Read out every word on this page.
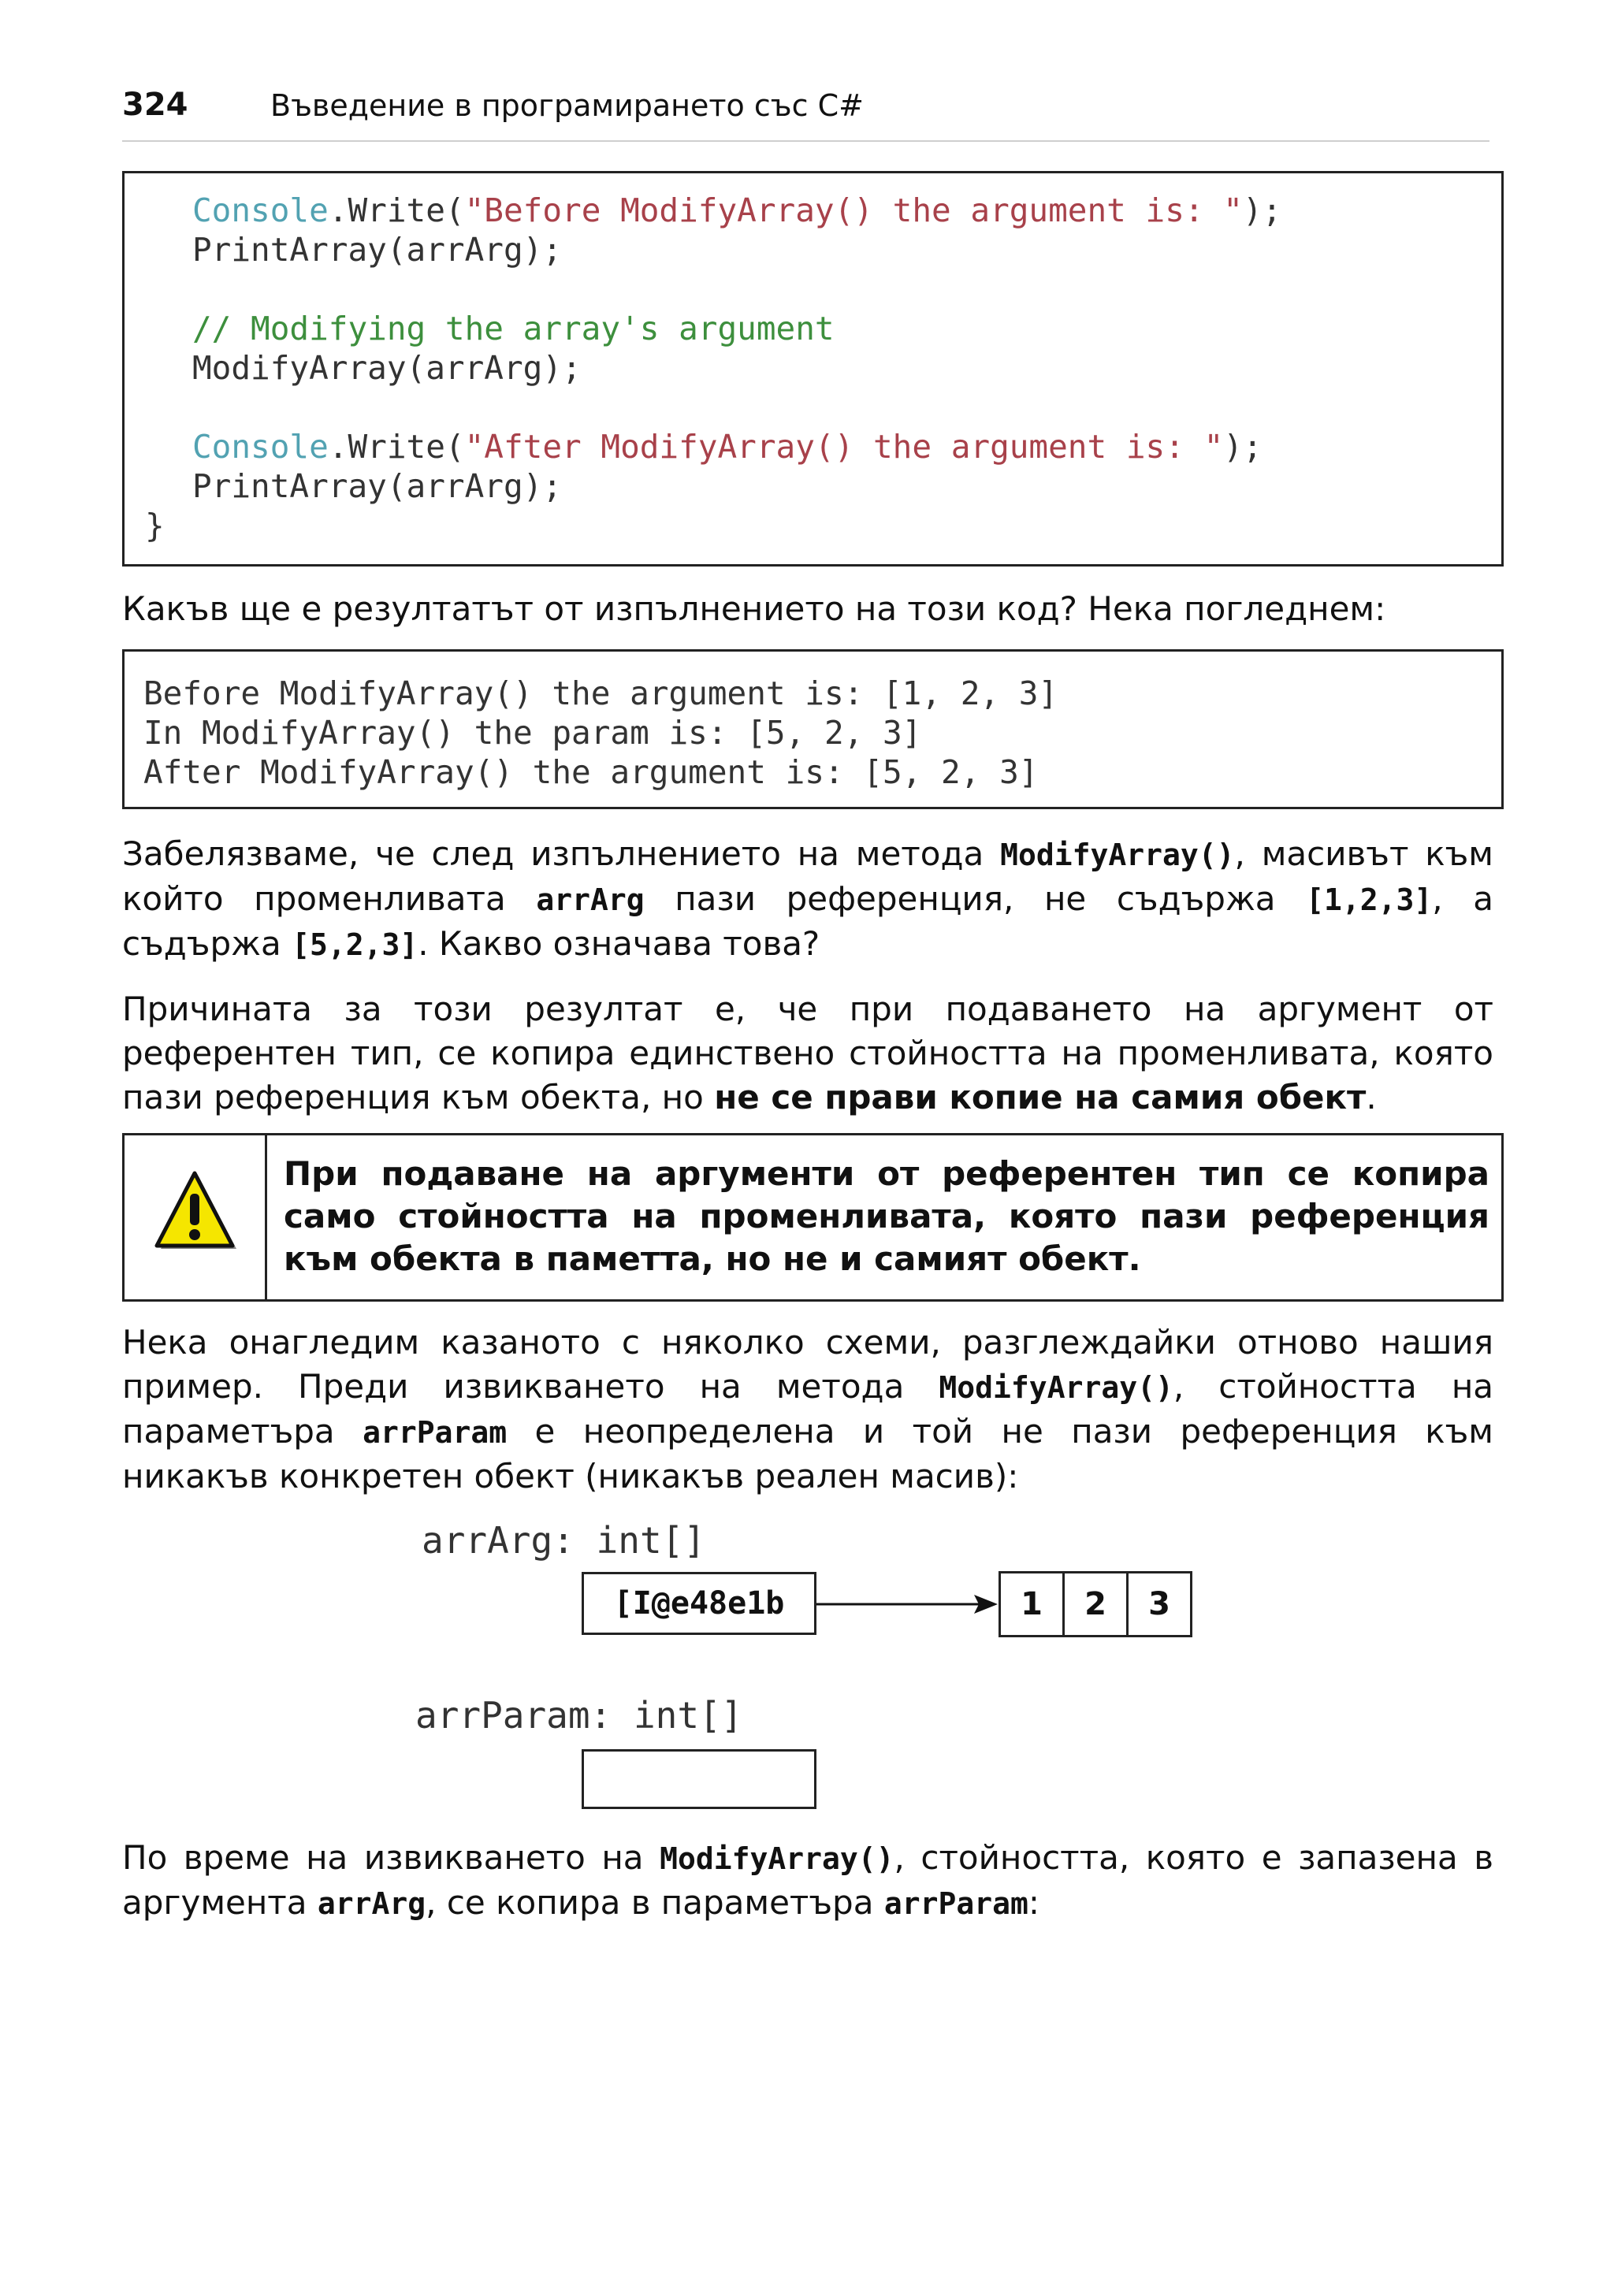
324	Въведение в програмирането със C#
Console.Write("Before ModifyArray() the argument is: ");
PrintArray(arrArg);

// Modifying the array's argument
ModifyArray(arrArg);

Console.Write("After ModifyArray() the argument is: ");
PrintArray(arrArg);
}
Какъв ще е резултатът от изпълнението на този код? Нека погледнем:
Before ModifyArray() the argument is: [1, 2, 3]
In ModifyArray() the param is: [5, 2, 3]
After ModifyArray() the argument is: [5, 2, 3]
Забелязваме, че след изпълнението на метода ModifyArray(), масивът към който променливата arrArg пази референция, не съдържа [1,2,3], а съдържа [5,2,3]. Какво означава това?
Причината за този резултат е, че при подаването на аргумент от референтен тип, се копира единствено стойността на променливата, която пази референция към обекта, но не се прави копие на самия обект.
При подаване на аргументи от референтен тип се копира само стойността на променливата, която пази референция към обекта в паметта, но не и самият обект.
Нека онагледим казаното с няколко схеми, разглеждайки отново нашия пример. Преди извикването на метода ModifyArray(), стойността на параметъра arrParam е неопределена и той не пази референция към никакъв конкретен обект (никакъв реален масив):
arrArg: int[]
[I@e48e1b	1	2	3
arrParam: int[]
По време на извикването на ModifyArray(), стойността, която е запазена в аргумента arrArg, се копира в параметъра arrParam:
